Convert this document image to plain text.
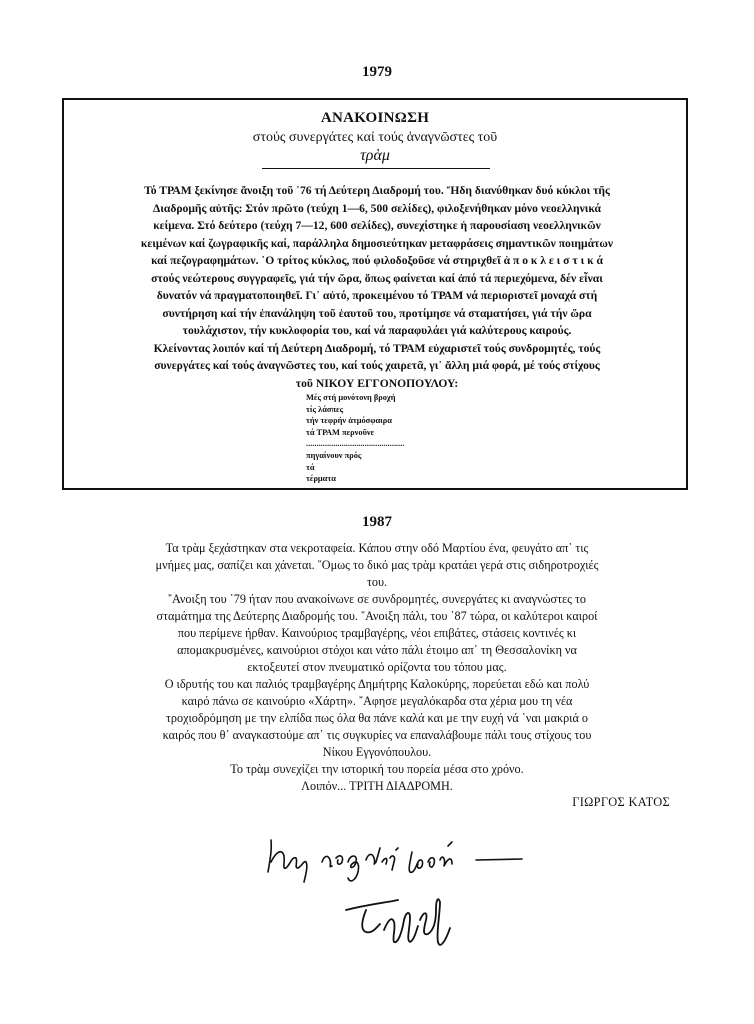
1979
ΑΝΑΚΟΙΝΩΣΗ
στούς συνεργάτες καί τούς ἀναγνῶστες τοῦ
τρὰμ
Τό ΤΡΑΜ ξεκίνησε ἄνοιξη τοῦ ῾76 τή Δεύτερη Διαδρομή του. Ἤδη διανύθηκαν δυό κύκλοι τῆς
Διαδρομῆς αὐτῆς: Στόν πρῶτο (τεύχη 1—6, 500 σελίδες), φιλοξενήθηκαν μόνο νεοελληνικά
κείμενα. Στό δεύτερο (τεύχη 7—12, 600 σελίδες), συνεχίστηκε ἡ παρουσίαση νεοελληνικῶν
κειμένων καί ζωγραφικῆς καί, παράλληλα δημοσιεύτηκαν μεταφράσεις σημαντικῶν ποιημάτων
καί πεζογραφημάτων. ῾Ο τρίτος κύκλος, πού φιλοδοξοῦσε νά στηριχθεῖ ἀ π ο κ λ ε ι σ τ ι κ ά
στούς νεώτερους συγγραφεῖς, γιά τήν ὥρα, ὅπως φαίνεται καί ἀπό τά περιεχόμενα, δέν εἶναι
δυνατόν νά πραγματοποιηθεῖ. Γι᾽ αὐτό, προκειμένου τό ΤΡΑΜ νά περιοριστεῖ μοναχά στή
συντήρηση καί τήν ἐπανάληψη τοῦ ἑαυτοῦ του, προτίμησε νά σταματήσει, γιά τήν ὥρα
τουλάχιστον, τήν κυκλοφορία του, καί νά παραφυλάει γιά καλύτερους καιρούς.
Κλείνοντας λοιπόν καί τή Δεύτερη Διαδρομή, τό ΤΡΑΜ εὐχαριστεῖ τούς συνδρομητές, τούς
συνεργάτες καί τούς ἀναγνῶστες του, καί τούς χαιρετᾶ, γι᾽ ἄλλη μιά φορά, μέ τούς στίχους
τοῦ ΝΙΚΟΥ ΕΓΓΟΝΟΠΟΥΛΟΥ:
Μές στή μονότονη βροχή
τίς λάσπες
τήν τεφρήν ἀτμόσφαιρα
τά ΤΡΑΜ περνοῦνε
...............................................
πηγαίνουν πρός
τά
τέρματα
1987
Τα τρὰμ ξεχάστηκαν στα νεκροταφεία. Κάπου στην οδό Μαρτίου ένα, φευγάτο απ᾽ τις
μνήμες μας, σαπίζει και χάνεται. ῞Ομως το δικό μας τρὰμ κρατάει γερά στις σιδηροτροχιές
του.
῎Ανοιξη του ῾79 ήταν που ανακοίνωνε σε συνδρομητές, συνεργάτες κι αναγνώστες το
σταμάτημα της Δεύτερης Διαδρομής του. ῎Ανοιξη πάλι, του ῾87 τώρα, οι καλύτεροι καιροί
που περίμενε ήρθαν. Καινούριος τραμβαγέρης, νέοι επιβάτες, στάσεις κοντινές κι
απομακρυσμένες, καινούριοι στόχοι και νάτο πάλι έτοιμο απ᾽ τη Θεσσαλονίκη να
εκτοξευτεί στον πνευματικό ορίζοντα του τόπου μας.
Ο ιδρυτής του και παλιός τραμβαγέρης Δημήτρης Καλοκύρης, πορεύεται εδώ και πολύ
καιρό πάνω σε καινούριο «Χάρτη». ῎Αφησε μεγαλόκαρδα στα χέρια μου τη νέα
τροχιοδρόμηση με την ελπίδα πως όλα θα πάνε καλά και με την ευχή νά ᾽ναι μακριά ο
καιρός που θ᾽ αναγκαστούμε απ᾽ τις συγκυρίες να επαναλάβουμε πάλι τους στίχους του
Νίκου Εγγονόπουλου.
Το τρὰμ συνεχίζει την ιστορική του πορεία μέσα στο χρόνο.
Λοιπόν... ΤΡΙΤΗ ΔΙΑΔΡΟΜΗ.
ΓΙΩΡΓΟΣ ΚΑΤΟΣ
